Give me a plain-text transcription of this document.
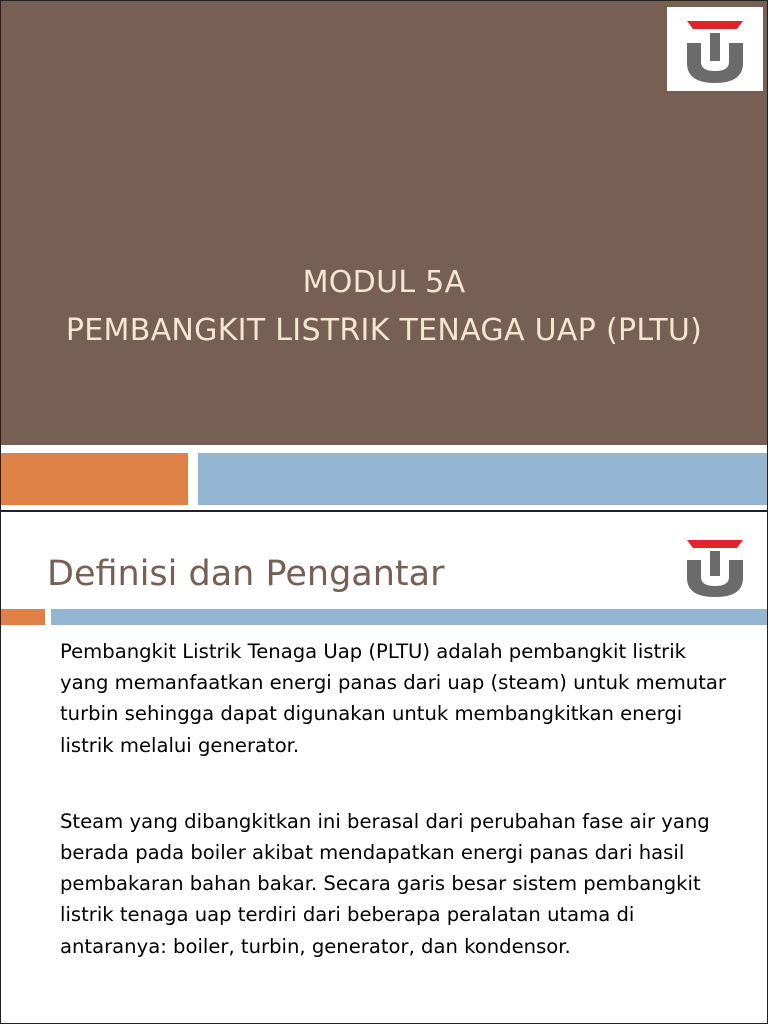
MODUL 5A
PEMBANGKIT LISTRIK TENAGA UAP (PLTU)
Definisi dan Pengantar

Pembangkit Listrik Tenaga Uap (PLTU) adalah pembangkit listrik yang memanfaatkan energi panas dari uap (steam) untuk memutar turbin sehingga dapat digunakan untuk membangkitkan energi listrik melalui generator.

Steam yang dibangkitkan ini berasal dari perubahan fase air yang berada pada boiler akibat mendapatkan energi panas dari hasil pembakaran bahan bakar. Secara garis besar sistem pembangkit listrik tenaga uap terdiri dari beberapa peralatan utama di antaranya: boiler, turbin, generator, dan kondensor.
